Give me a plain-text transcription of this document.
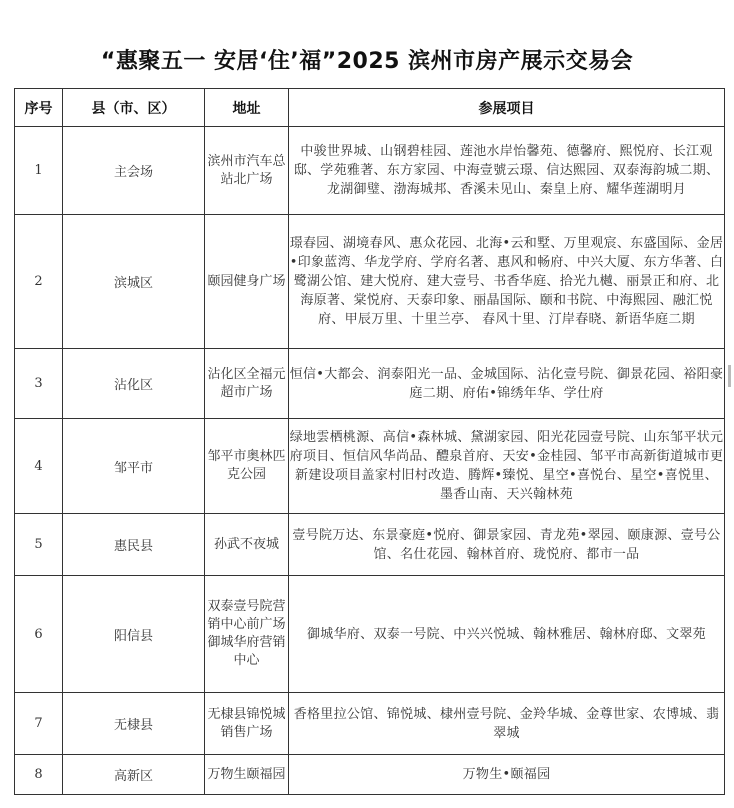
“惠聚五一 安居‘住’福”2025 滨州市房产展示交易会
序号	县（市、区）	地址	参展项目
1	主会场	滨州市汽车总站北广场	中骏世界城、山钢碧桂园、莲池水岸怡馨苑、德馨府、熙悦府、长江观邸、学苑雅著、东方家园、中海壹號云璟、信达熙园、双泰海韵城二期、龙湖御璧、渤海城邦、香溪未见山、秦皇上府、耀华莲湖明月
2	滨城区	颐园健身广场	璟春园、湖境春风、惠众花园、北海•云和墅、万里观宸、东盛国际、金居•印象蓝湾、华龙学府、学府名著、惠风和畅府、中兴大厦、东方华著、白鹭湖公馆、建大悦府、建大壹号、书香华庭、拾光九樾、丽景正和府、北海原著、棠悦府、天泰印象、丽晶国际、颐和书院、中海熙园、融汇悦府、甲辰万里、十里兰亭、 春风十里、汀岸春晓、新语华庭二期
3	沾化区	沾化区全福元超市广场	恒信•大都会、润泰阳光一品、金城国际、沾化壹号院、御景花园、裕阳豪庭二期、府佑•锦绣年华、学仕府
4	邹平市	邹平市奥林匹克公园	绿地雲栖桃源、高信•森林城、黛湖家园、阳光花园壹号院、山东邹平状元府项目、恒信风华尚品、醴泉首府、天安•金桂园、邹平市高新街道城市更新建设项目盖家村旧村改造、腾辉•臻悦、星空•喜悦台、星空•喜悦里、墨香山南、天兴翰林苑
5	惠民县	孙武不夜城	壹号院万达、东景豪庭•悦府、御景家园、青龙苑•翠园、颐康源、壹号公馆、名仕花园、翰林首府、珑悦府、都市一品
6	阳信县	双泰壹号院营销中心前广场御城华府营销中心	御城华府、双泰一号院、中兴兴悦城、翰林雅居、翰林府邸、文翠苑
7	无棣县	无棣县锦悦城销售广场	香格里拉公馆、锦悦城、棣州壹号院、金羚华城、金尊世家、农博城、翡翠城
8	高新区	万物生颐福园	万物生•颐福园
